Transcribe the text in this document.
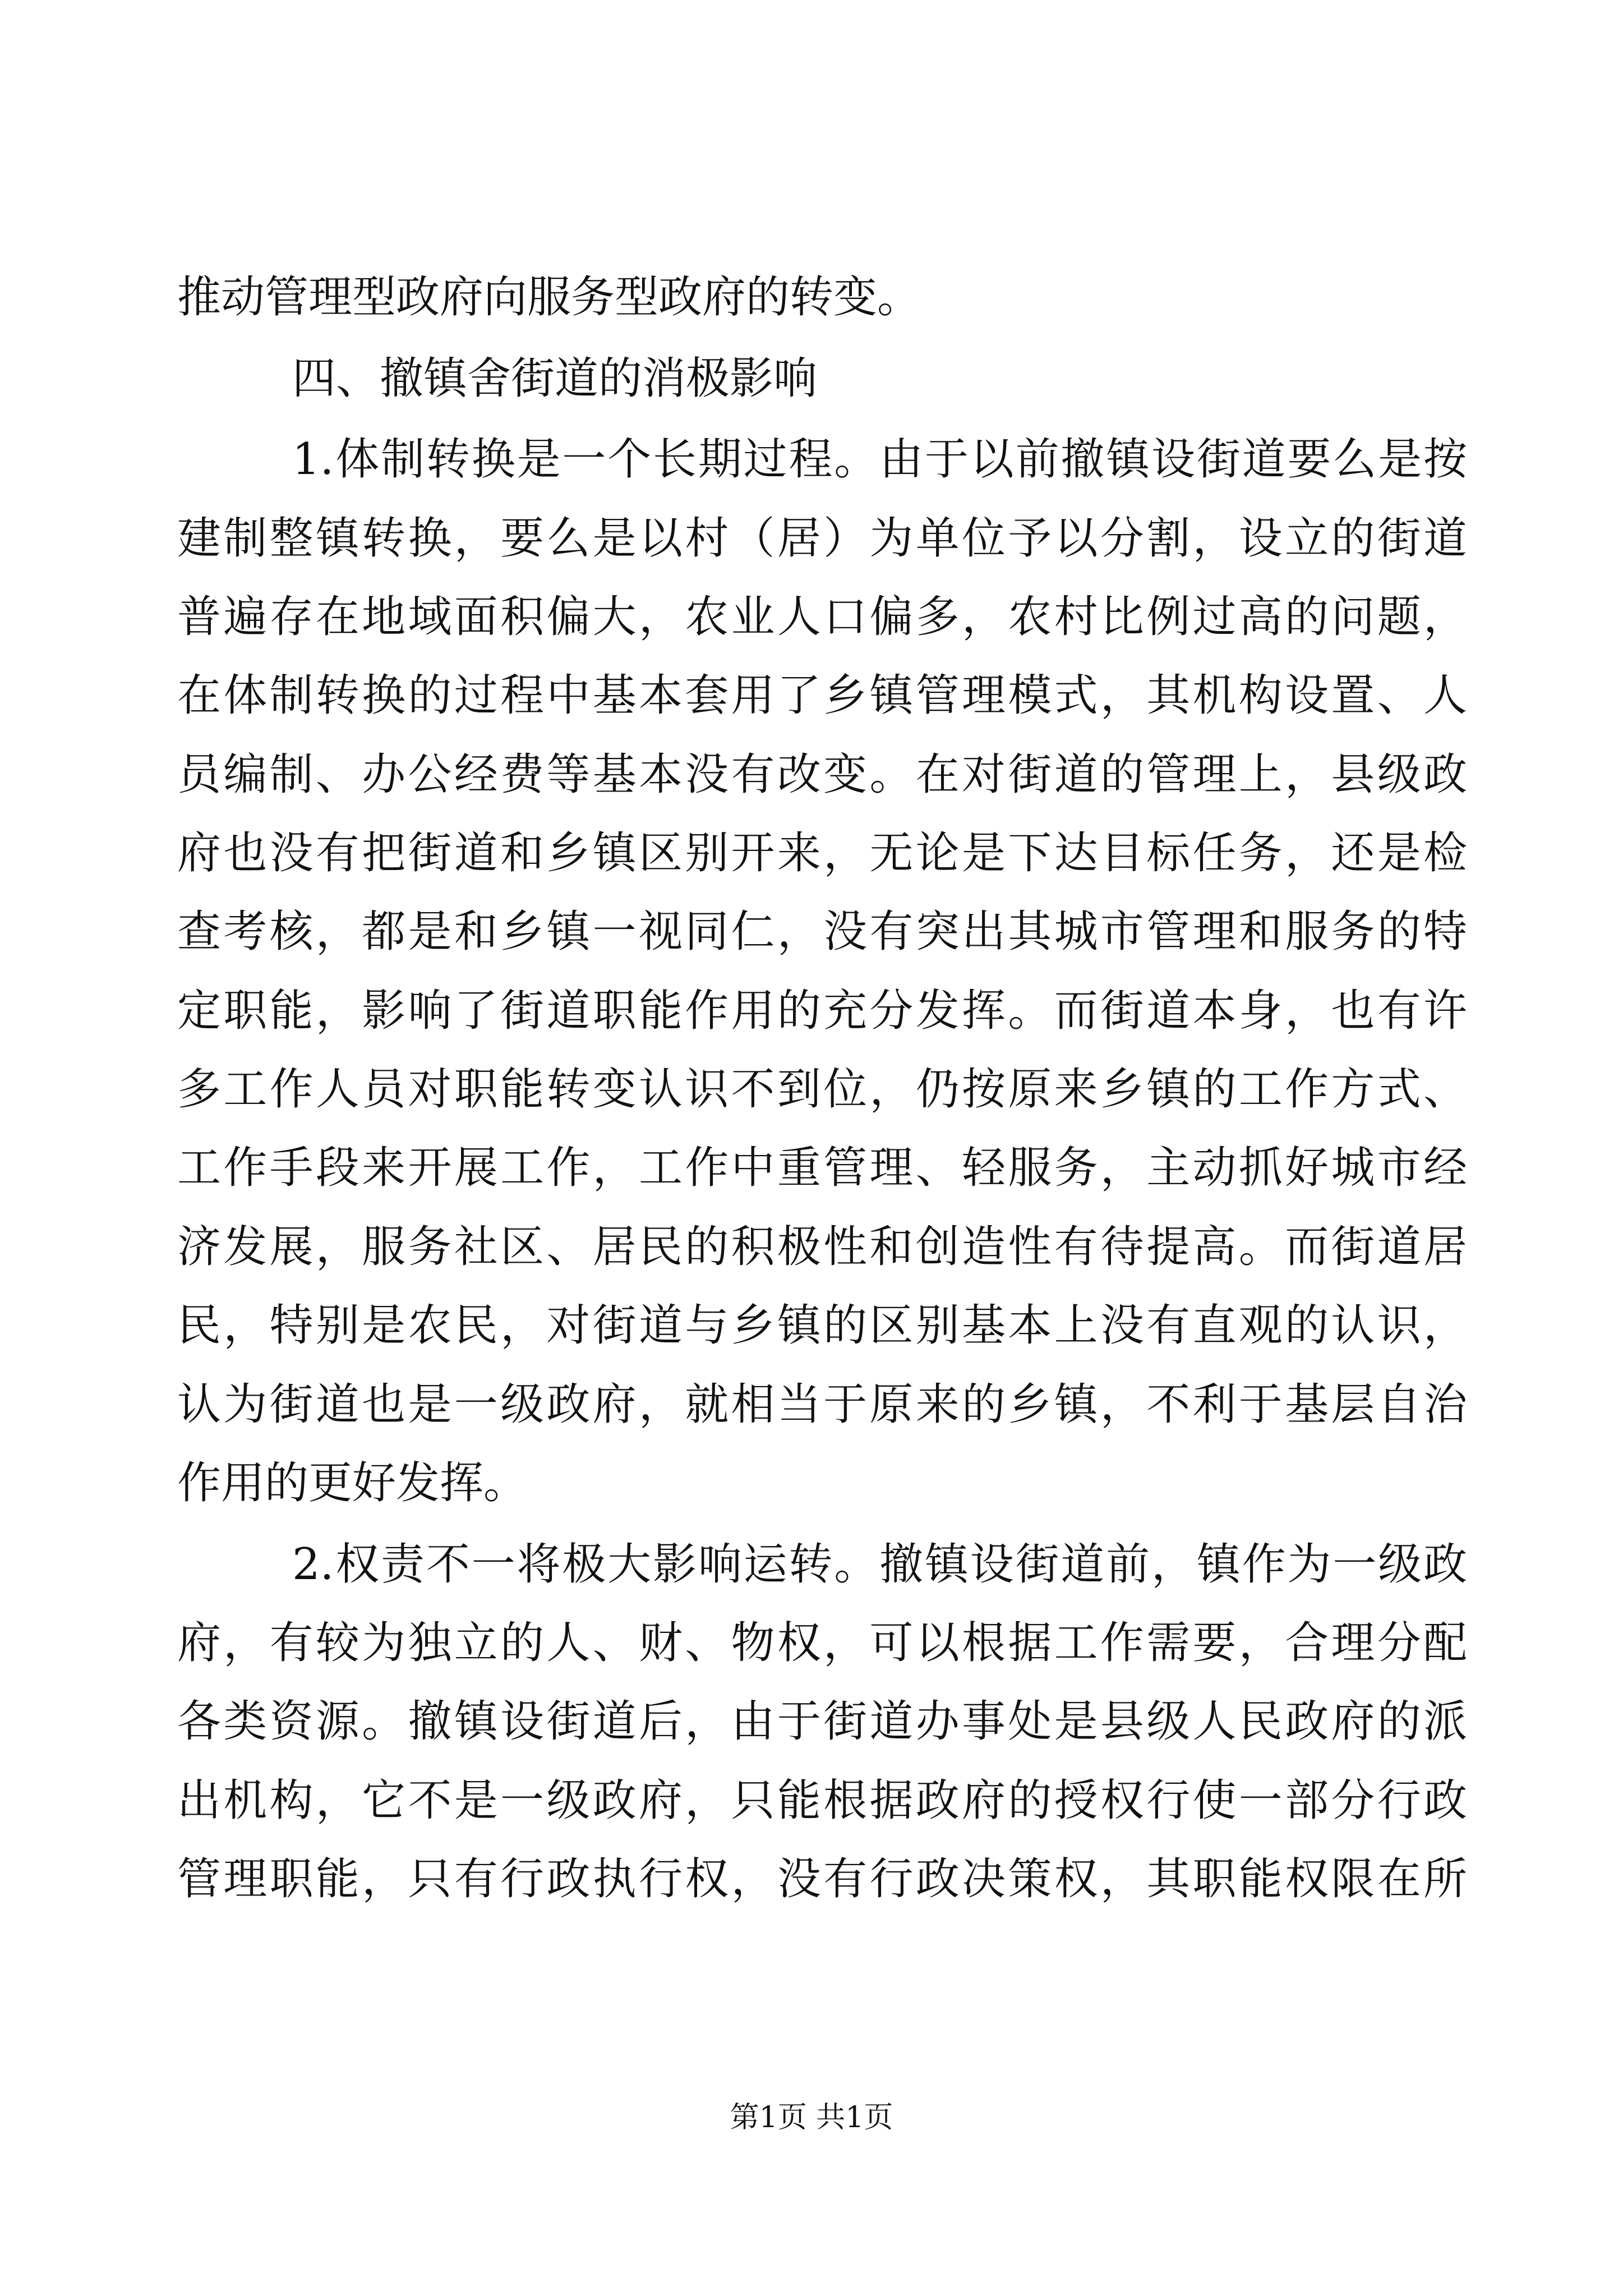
推动管理型政府向服务型政府的转变。
四、撤镇舍街道的消极影响
1.体制转换是一个长期过程。由于以前撤镇设街道要么是按
建制整镇转换，要么是以村（居）为单位予以分割，设立的街道
普遍存在地域面积偏大，农业人口偏多，农村比例过高的问题，
在体制转换的过程中基本套用了乡镇管理模式，其机构设置、人
员编制、办公经费等基本没有改变。在对街道的管理上，县级政
府也没有把街道和乡镇区别开来，无论是下达目标任务，还是检
查考核，都是和乡镇一视同仁，没有突出其城市管理和服务的特
定职能，影响了街道职能作用的充分发挥。而街道本身，也有许
多工作人员对职能转变认识不到位，仍按原来乡镇的工作方式、
工作手段来开展工作，工作中重管理、轻服务，主动抓好城市经
济发展，服务社区、居民的积极性和创造性有待提高。而街道居
民，特别是农民，对街道与乡镇的区别基本上没有直观的认识，
认为街道也是一级政府，就相当于原来的乡镇，不利于基层自治
作用的更好发挥。
2.权责不一将极大影响运转。撤镇设街道前，镇作为一级政
府，有较为独立的人、财、物权，可以根据工作需要，合理分配
各类资源。撤镇设街道后，由于街道办事处是县级人民政府的派
出机构，它不是一级政府，只能根据政府的授权行使一部分行政
管理职能，只有行政执行权，没有行政决策权，其职能权限在所
第1页 共1页
